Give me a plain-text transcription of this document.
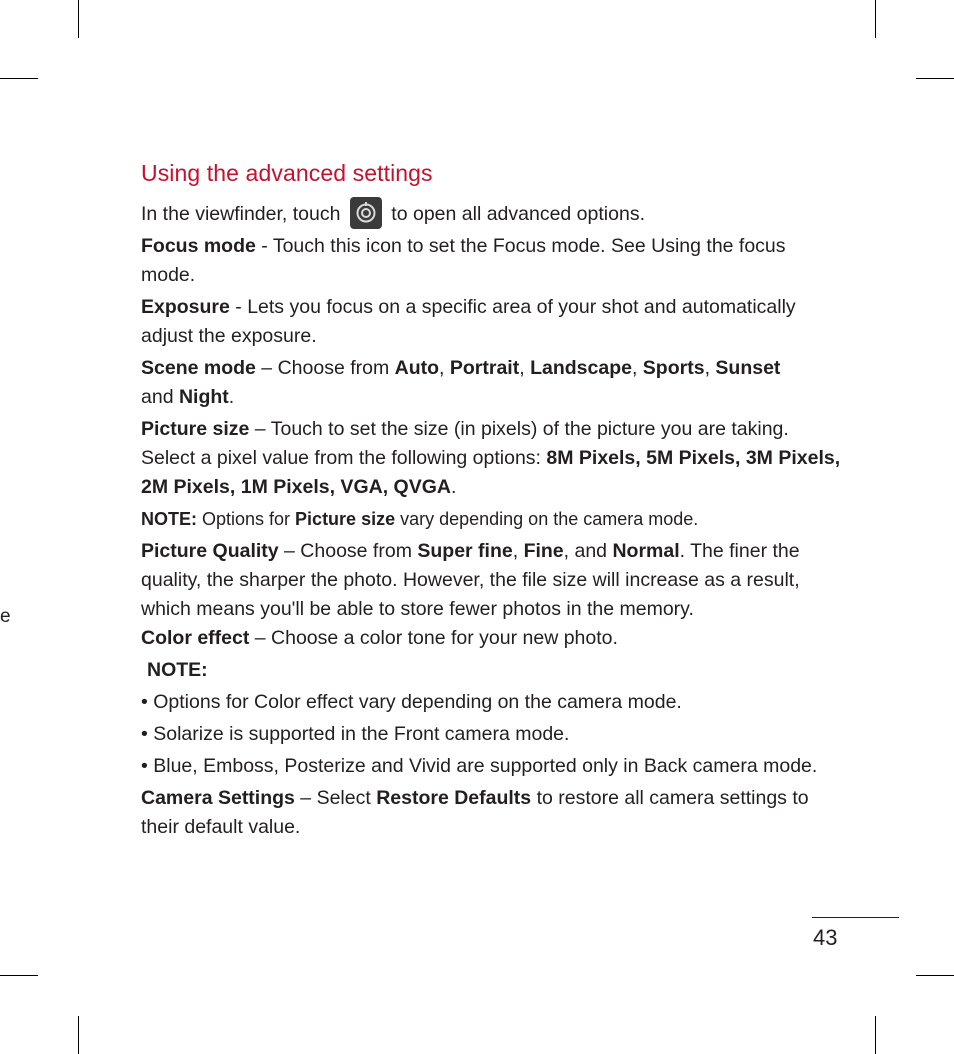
e
Using the advanced settings

In the viewfinder, touch
to open all advanced options.

Focus mode - Touch this icon to set the Focus mode. See Using the focus mode.

Exposure - Lets you focus on a specific area of your shot and automatically adjust the exposure.

Scene mode – Choose from Auto, Portrait, Landscape, Sports, Sunset
and Night.

Picture size – Touch to set the size (in pixels) of the picture you are taking. Select a pixel value from the following options: 8M Pixels, 5M Pixels, 3M Pixels, 2M Pixels, 1M Pixels, VGA, QVGA.

NOTE: Options for Picture size vary depending on the camera mode.

Picture Quality – Choose from Super fine, Fine, and Normal. The finer the quality, the sharper the photo. However, the file size will increase as a result, which means you'll be able to store fewer photos in the memory.

Color effect – Choose a color tone for your new photo.

NOTE:

• Options for Color effect vary depending on the camera mode.

• Solarize is supported in the Front camera mode.

• Blue, Emboss, Posterize and Vivid are supported only in Back camera mode.

Camera Settings – Select Restore Defaults to restore all camera settings to their default value.

43
